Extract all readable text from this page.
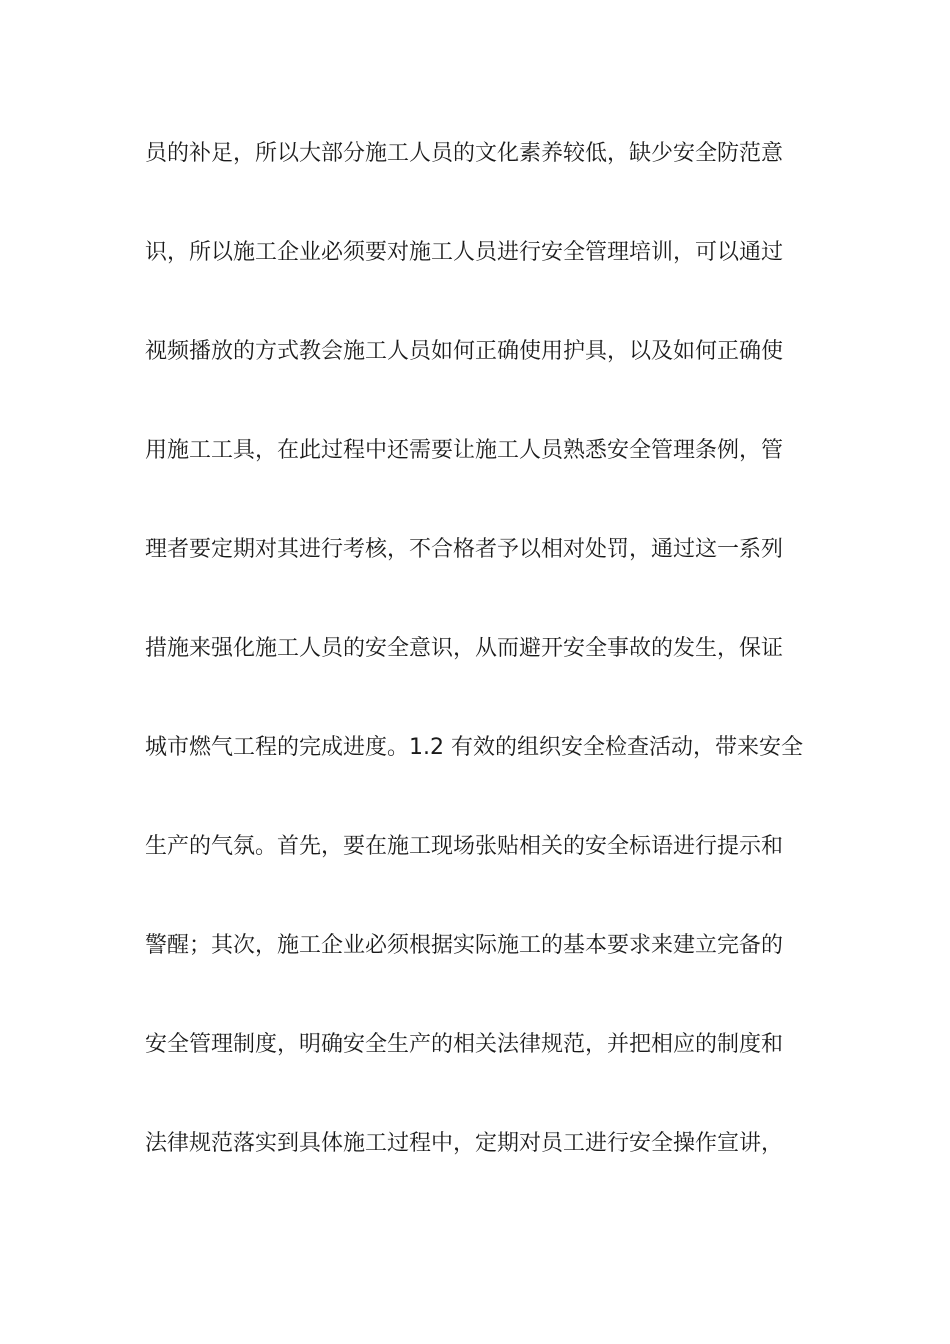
员的补足，所以大部分施工人员的文化素养较低，缺少安全防范意
识，所以施工企业必须要对施工人员进行安全管理培训，可以通过
视频播放的方式教会施工人员如何正确使用护具，以及如何正确使
用施工工具，在此过程中还需要让施工人员熟悉安全管理条例，管
理者要定期对其进行考核，不合格者予以相对处罚，通过这一系列
措施来强化施工人员的安全意识，从而避开安全事故的发生，保证
城市燃气工程的完成进度。1.2 有效的组织安全检查活动，带来安全
生产的气氛。首先，要在施工现场张贴相关的安全标语进行提示和
警醒；其次，施工企业必须根据实际施工的基本要求来建立完备的
安全管理制度，明确安全生产的相关法律规范，并把相应的制度和
法律规范落实到具体施工过程中，定期对员工进行安全操作宣讲，
